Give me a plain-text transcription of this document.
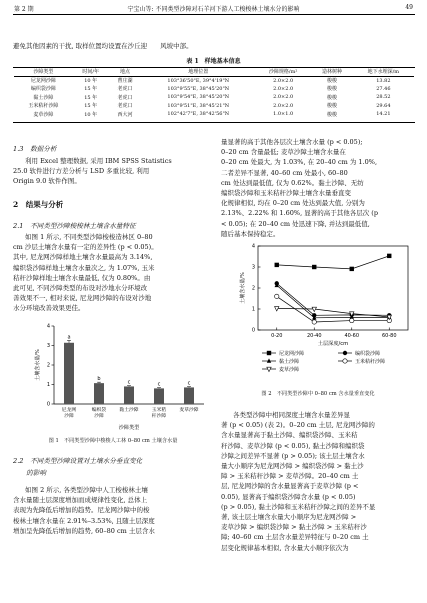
第 2 期	宁宝山等: 不同类型沙障对石羊河下游人工梭梭林土壤水分的影响	49
避免其他因素的干扰, 取样位置均设置在沙丘迎　　风坡中部。
表 1　样地基本信息
沙障类型	时间/年	地点	地理位置	沙障规格/m²	造林树种	地下水埋深/m
尼龙网沙障	10 年	曹庄湖	103°36'50"E, 39°4'19"N	2.0×2.0	梭梭	13.82
编织袋沙障	15 年	老虎口	103°9'55"E, 38°45'20"N	2.0×2.0	梭梭	27.46
黏土沙障	15 年	老虎口	103°9'54"E, 38°45'20"N	2.0×2.0	梭梭	28.52
玉米秸秆沙障	15 年	老虎口	103°9'51"E, 38°45'21"N	2.0×2.0	梭梭	29.64
麦草沙障	10 年	西大河	102°42'7"E, 38°42'56"N	1.0×1.0	梭梭	14.21
1.3　数据分析
利用 Excel 整理数据, 采用 IBM SPSS Statistics
25.0 软件进行方差分析与 LSD 多重比较, 利用
Origin 9.0 软件作图。
2　结果与分析
2.1　不同类型沙障梭梭林土壤含水量特征
如图 1 所示, 不同类型沙障梭梭造林区 0–80
cm 沙层土壤含水量有一定的差异性 (p < 0.05)。
其中, 尼龙网沙障样地土壤含水量最高为 3.14%,
编织袋沙障样地土壤含水量次之, 为 1.07%, 玉米
秸秆沙障样地土壤含水量最低, 仅为 0.80%。由
此可见, 不同沙障类型的布设对沙地水分环境改
善效果不一, 相对来说, 尼龙网沙障的布设对沙地
水分环境改善效果更佳。
0
1
2
3
4
土壤含水量/%
a
尼龙网
沙障
b
编织袋
沙障
c
黏土沙障
c
玉米秸
秆沙障
c
麦草沙障
沙障类型
图 1　不同类型沙障中梭梭人工林 0–80 cm 土壤含水量
2.2　不同类型沙障设置对土壤水分垂直变化
　　的影响
如图 2 所示, 各类型沙障中人工梭梭林土壤
含水量随土层深度增加而成规律性变化, 总体上
表现为先降低后增加的趋势。尼龙网沙障中的梭
梭林土壤含水量在 2.91%–3.53%, 且随土层深度
增加呈先降低后增加的趋势, 60–80 cm 土层含水
量显著的高于其他各层次土壤含水量 (p < 0.05);
0–20 cm 含量最低; 麦草沙障土壤含水量在
0–20 cm 处最大, 为 1.03%, 在 20–40 cm 为 1.0%,
二者差异不显著, 40–60 cm 处最小, 60–80
cm 处达到最低值, 仅为 0.62%。黏土沙障、无纺
编织袋沙障和玉米秸秆沙障土壤含水量垂直变
化规律相似, 均在 0–20 cm 处达到最大值, 分别为
2.13%、2.22% 和 1.60%, 显著的高于其他各层次 (p
< 0.05); 在 20–40 cm 处迅速下降, 并达到最低值,
随后基本保持稳定。
0
1
2
3
4
土壤含水量/%
0-20	20-40	40-60	60-80
土层深度/cm
尼龙网沙障	编织袋沙障
黏土沙障	玉米秸秆沙障
麦草沙障
图 2　不同类型沙障中 0–80 cm 含水量垂直变化
各类型沙障中相同深度土壤含水量差异显
著 (p < 0.05) (表 2)。0–20 cm 土层, 尼龙网沙障的
含水量显著高于黏土沙障、编织袋沙障、玉米秸
秆沙障、麦草沙障 (p < 0.05), 黏土沙障和编织袋
沙障之间差异不显著 (p > 0.05); 该土层土壤含水
量大小顺序为尼龙网沙障 > 编织袋沙障 > 黏土沙
障 > 玉米秸秆沙障 > 麦草沙障。20–40 cm 土
层, 尼龙网沙障的含水量显著高于麦草沙障 (p <
0.05), 显著高于编织袋沙障含水量 (p < 0.05)
(p > 0.05), 黏土沙障和玉米秸秆沙障之间的差异不显
著, 该土层土壤含水量大小顺序为尼龙网沙障 >
麦草沙障 > 编织袋沙障 > 黏土沙障 > 玉米秸秆沙
障; 40–60 cm 土层含水量差异特征与 0–20 cm 土
层变化规律基本相似, 含水量大小顺序依次为
